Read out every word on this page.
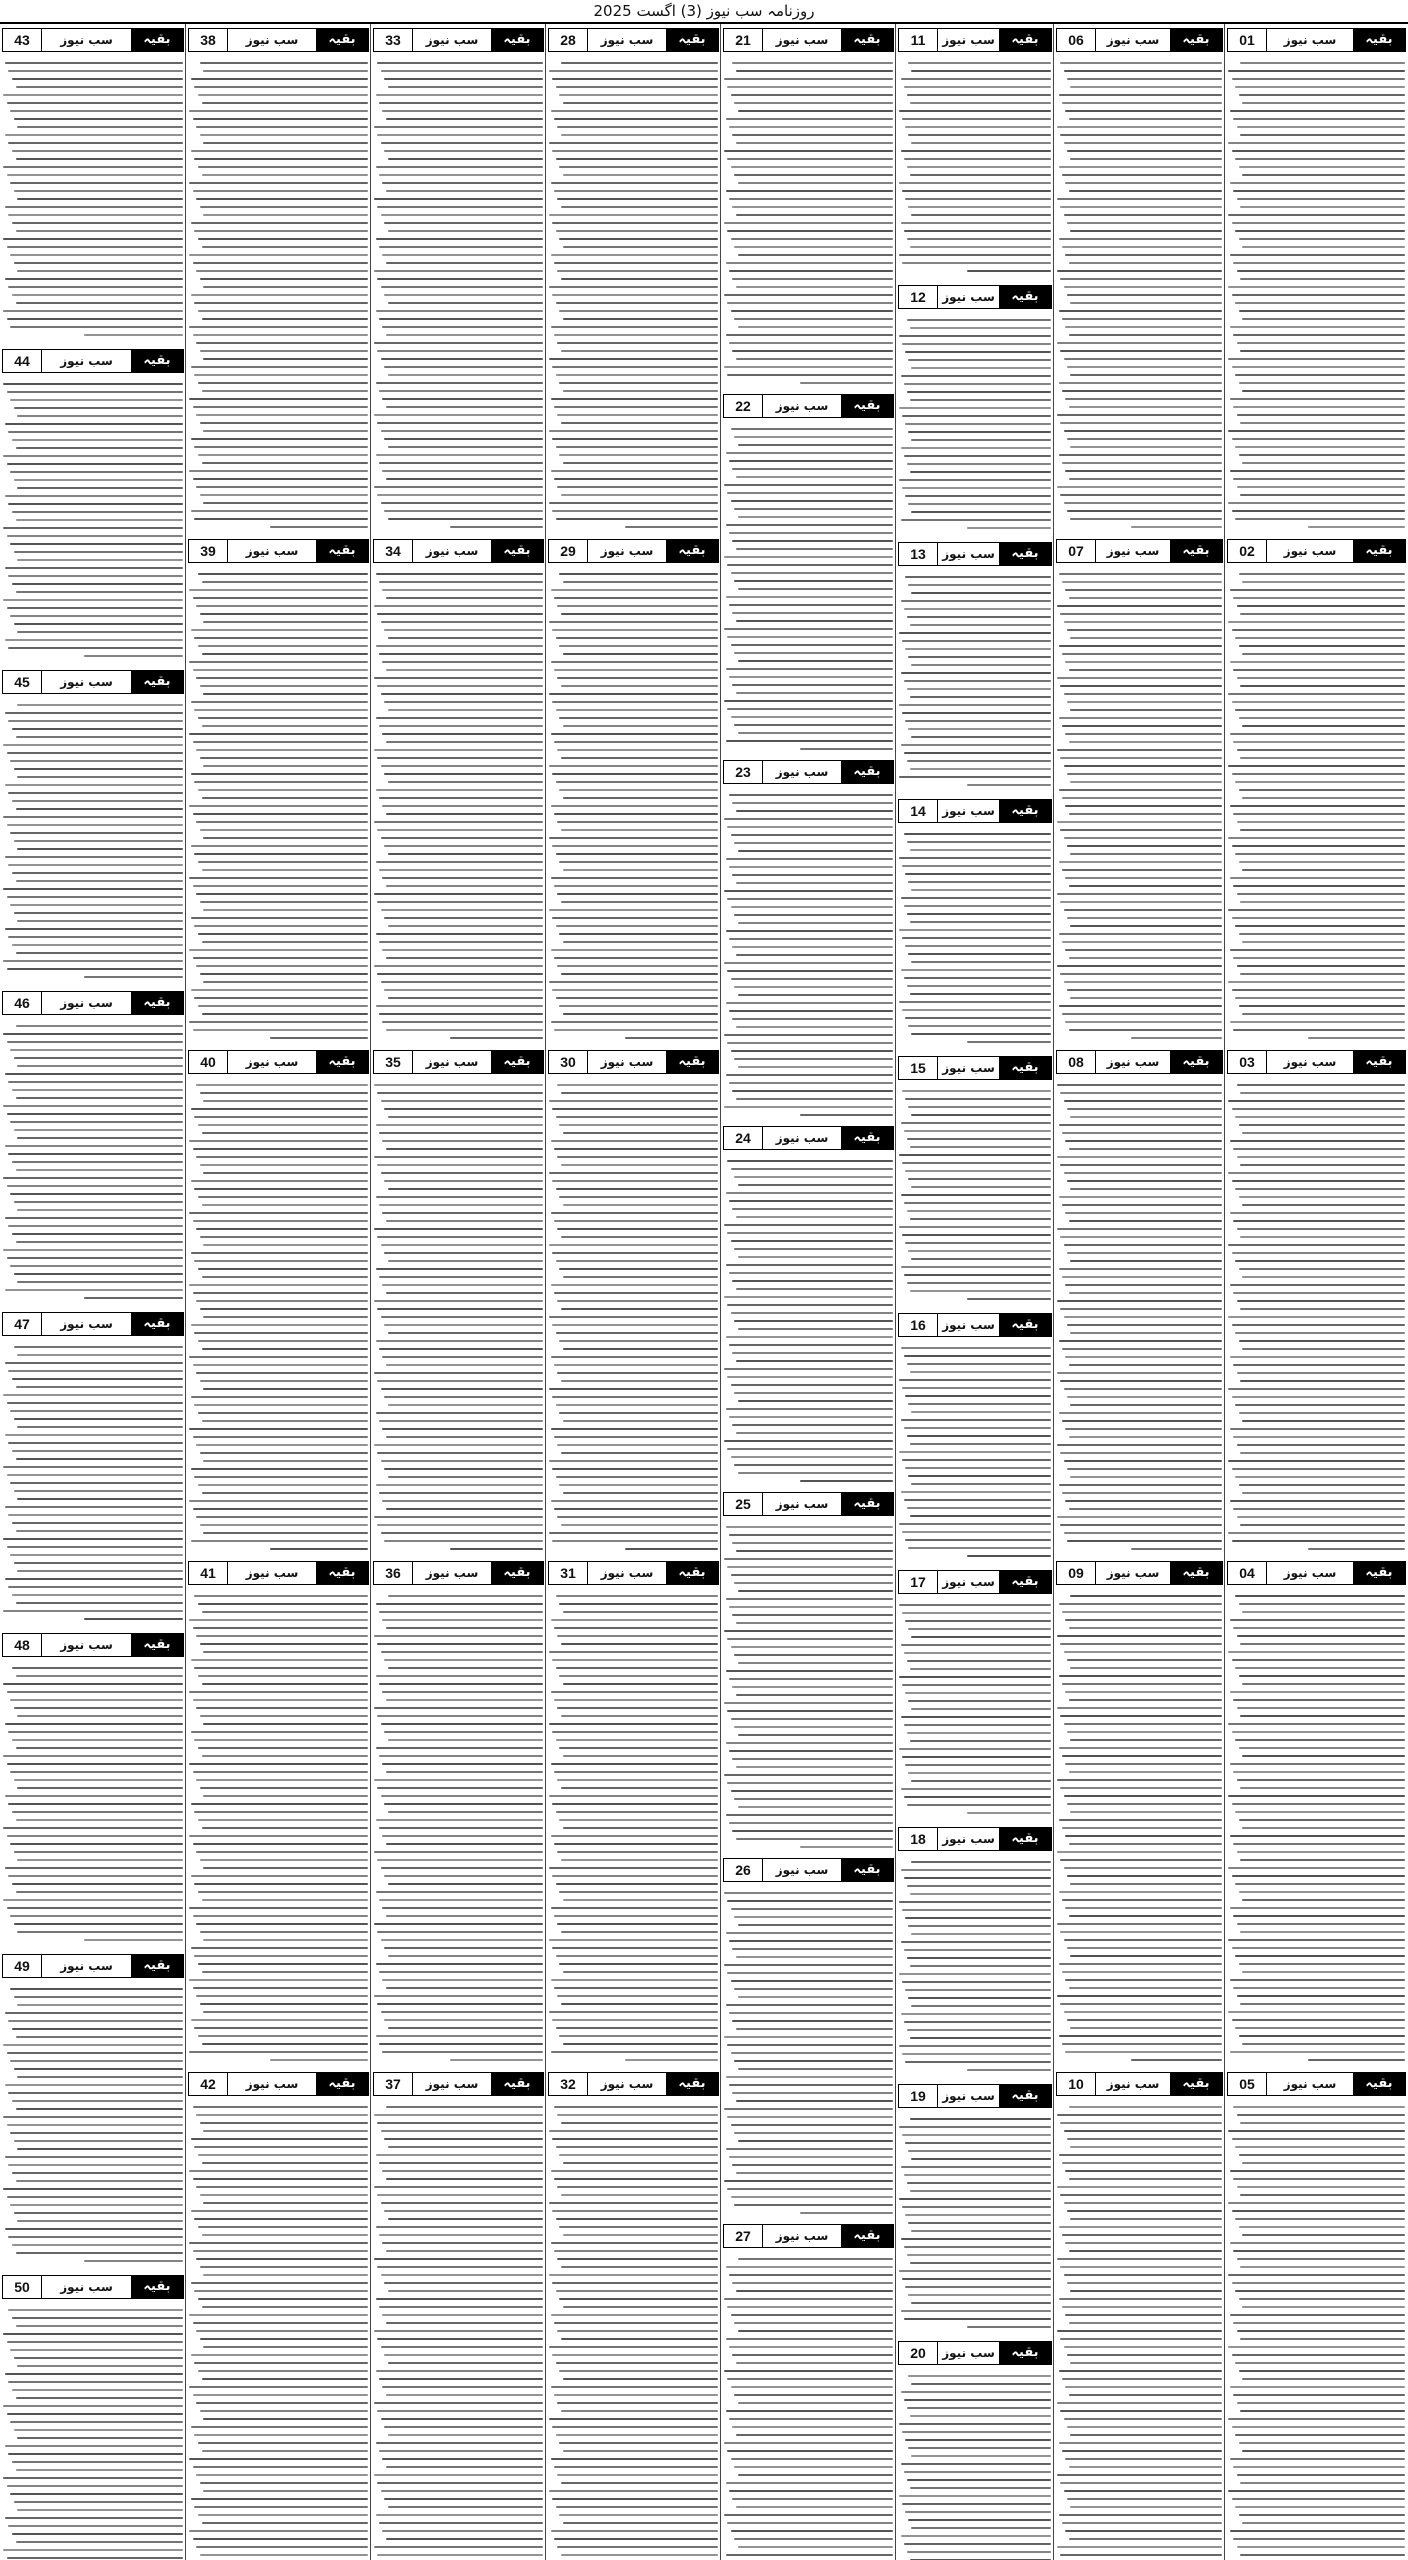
روزنامہ سب نیوز (3) اگست 2025
01	سب نیوز	بقیہ
02	سب نیوز	بقیہ
03	سب نیوز	بقیہ
04	سب نیوز	بقیہ
05	سب نیوز	بقیہ
06	سب نیوز	بقیہ
07	سب نیوز	بقیہ
08	سب نیوز	بقیہ
09	سب نیوز	بقیہ
10	سب نیوز	بقیہ
11	سب نیوز	بقیہ
12	سب نیوز	بقیہ
13	سب نیوز	بقیہ
14	سب نیوز	بقیہ
15	سب نیوز	بقیہ
16	سب نیوز	بقیہ
17	سب نیوز	بقیہ
18	سب نیوز	بقیہ
19	سب نیوز	بقیہ
20	سب نیوز	بقیہ
21	سب نیوز	بقیہ
22	سب نیوز	بقیہ
23	سب نیوز	بقیہ
24	سب نیوز	بقیہ
25	سب نیوز	بقیہ
26	سب نیوز	بقیہ
27	سب نیوز	بقیہ
28	سب نیوز	بقیہ
29	سب نیوز	بقیہ
30	سب نیوز	بقیہ
31	سب نیوز	بقیہ
32	سب نیوز	بقیہ
33	سب نیوز	بقیہ
34	سب نیوز	بقیہ
35	سب نیوز	بقیہ
36	سب نیوز	بقیہ
37	سب نیوز	بقیہ
38	سب نیوز	بقیہ
39	سب نیوز	بقیہ
40	سب نیوز	بقیہ
41	سب نیوز	بقیہ
42	سب نیوز	بقیہ
43	سب نیوز	بقیہ
44	سب نیوز	بقیہ
45	سب نیوز	بقیہ
46	سب نیوز	بقیہ
47	سب نیوز	بقیہ
48	سب نیوز	بقیہ
49	سب نیوز	بقیہ
50	سب نیوز	بقیہ
